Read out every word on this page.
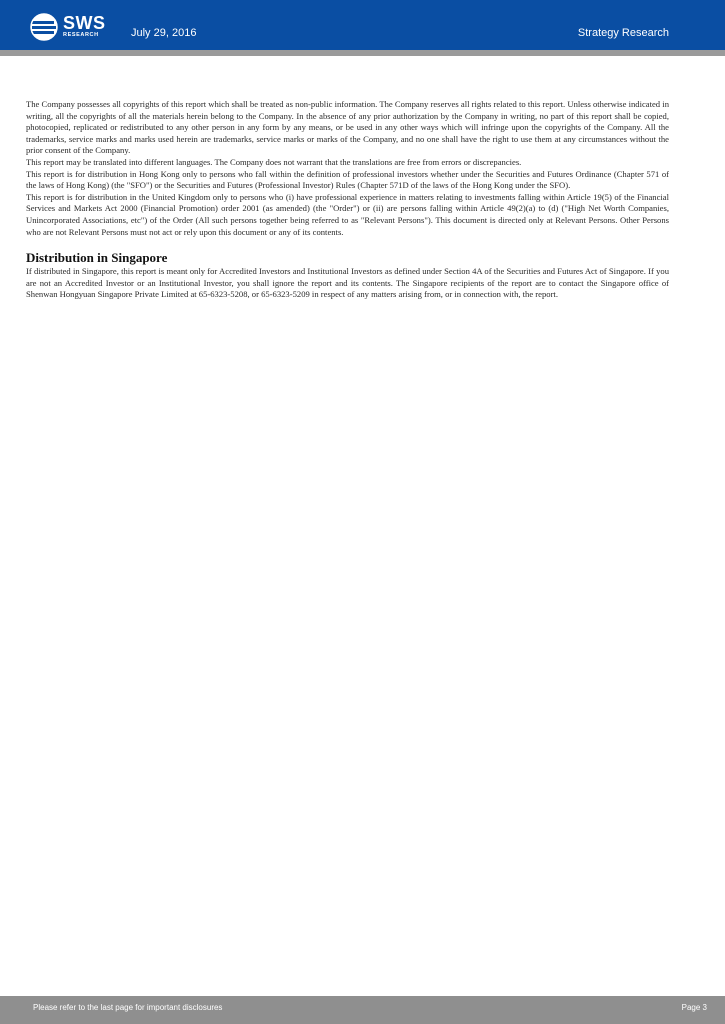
SWS
RESEARCH	July 29, 2016	Strategy Research

The Company possesses all copyrights of this report which shall be treated as non-public information. The Company reserves all rights related to this report. Unless otherwise indicated in writing, all the copyrights of all the materials herein belong to the Company. In the absence of any prior authorization by the Company in writing, no part of this report shall be copied, photocopied, replicated or redistributed to any other person in any form by any means, or be used in any other ways which will infringe upon the copyrights of the Company. All the trademarks, service marks and marks used herein are trademarks, service marks or marks of the Company, and no one shall have the right to use them at any circumstances without the prior consent of the Company.

This report may be translated into different languages. The Company does not warrant that the translations are free from errors or discrepancies.

This report is for distribution in Hong Kong only to persons who fall within the definition of professional investors whether under the Securities and Futures Ordinance (Chapter 571 of the laws of Hong Kong) (the "SFO") or the Securities and Futures (Professional Investor) Rules (Chapter 571D of the laws of the Hong Kong under the SFO).

This report is for distribution in the United Kingdom only to persons who (i) have professional experience in matters relating to investments falling within Article 19(5) of the Financial Services and Markets Act 2000 (Financial Promotion) order 2001 (as amended) (the "Order") or (ii) are persons falling within Article 49(2)(a) to (d) ("High Net Worth Companies, Unincorporated Associations, etc") of the Order (All such persons together being referred to as "Relevant Persons"). This document is directed only at Relevant Persons. Other Persons who are not Relevant Persons must not act or rely upon this document or any of its contents.

Distribution in Singapore

If distributed in Singapore, this report is meant only for Accredited Investors and Institutional Investors as defined under Section 4A of the Securities and Futures Act of Singapore. If you are not an Accredited Investor or an Institutional Investor, you shall ignore the report and its contents. The Singapore recipients of the report are to contact the Singapore office of Shenwan Hongyuan Singapore Private Limited at 65-6323-5208, or 65-6323-5209 in respect of any matters arising from, or in connection with, the report.

Please refer to the last page for important disclosures	Page 3
